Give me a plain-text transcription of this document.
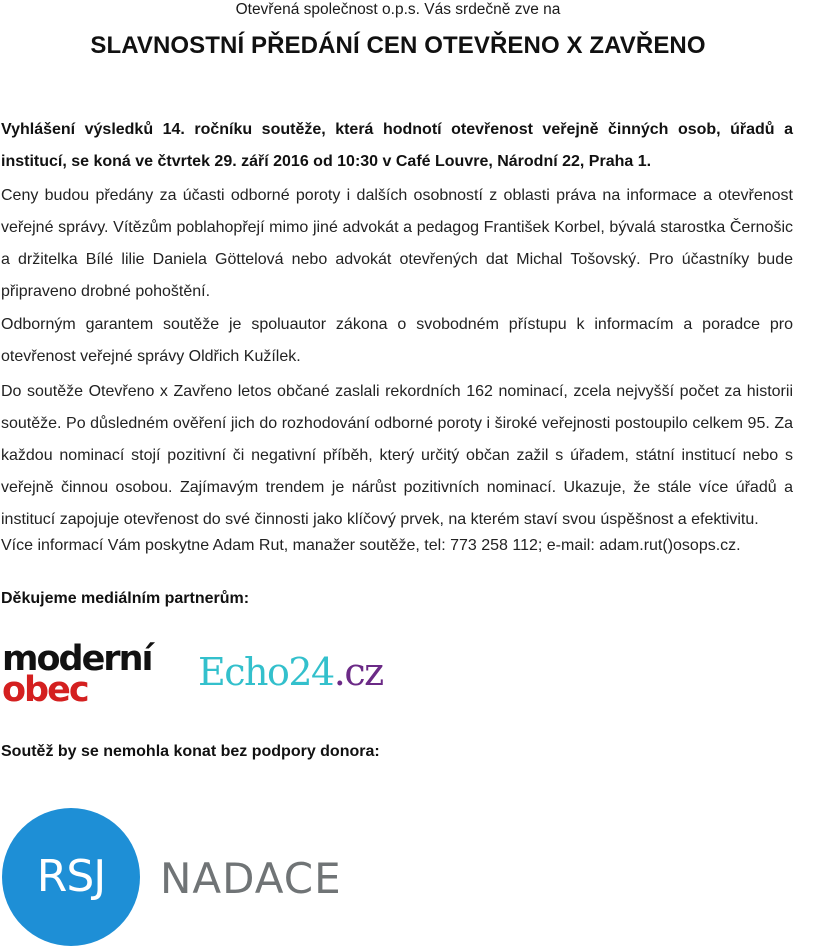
Otevřená společnost o.p.s. Vás srdečně zve na
SLAVNOSTNÍ PŘEDÁNÍ CEN OTEVŘENO X ZAVŘENO

Vyhlášení výsledků 14. ročníku soutěže, která hodnotí otevřenost veřejně činných osob, úřadů a institucí, se koná ve čtvrtek 29. září 2016 od 10:30 v Café Louvre, Národní 22, Praha 1.

Ceny budou předány za účasti odborné poroty i dalších osobností z oblasti práva na informace a otevřenost veřejné správy. Vítězům poblahopřejí mimo jiné advokát a pedagog František Korbel, bývalá starostka Černošic a držitelka Bílé lilie Daniela Göttelová nebo advokát otevřených dat Michal Tošovský. Pro účastníky bude připraveno drobné pohoštění.

Odborným garantem soutěže je spoluautor zákona o svobodném přístupu k informacím a poradce pro otevřenost veřejné správy Oldřich Kužílek.

Do soutěže Otevřeno x Zavřeno letos občané zaslali rekordních 162 nominací, zcela nejvyšší počet za historii soutěže. Po důsledném ověření jich do rozhodování odborné poroty i široké veřejnosti postoupilo celkem 95. Za každou nominací stojí pozitivní či negativní příběh, který určitý občan zažil s úřadem, státní institucí nebo s veřejně činnou osobou. Zajímavým trendem je nárůst pozitivních nominací. Ukazuje, že stále více úřadů a institucí zapojuje otevřenost do své činnosti jako klíčový prvek, na kterém staví svou úspěšnost a efektivitu.

Více informací Vám poskytne Adam Rut, manažer soutěže, tel: 773 258 112; e-mail: adam.rut()osops.cz.

Děkujeme mediálním partnerům:
moderní
obec	Echo24.cz
Soutěž by se nemohla konat bez podpory donora:
RSJ	NADACE
